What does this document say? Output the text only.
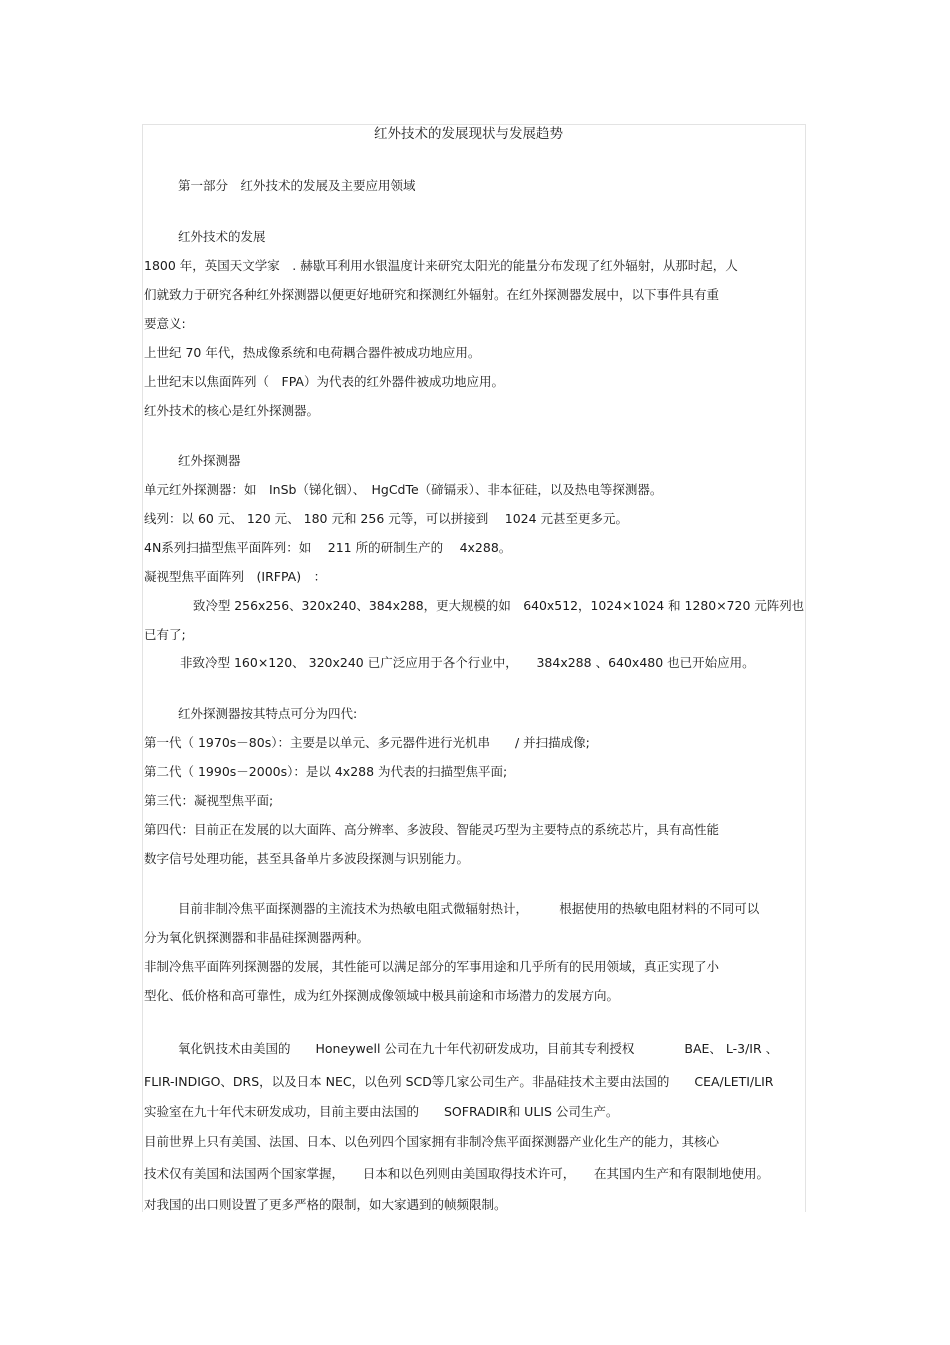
红外技术的发展现状与发展趋势
第一部分　红外技术的发展及主要应用领域
红外技术的发展
1800 年，英国天文学家　. 赫歇耳利用水银温度计来研究太阳光的能量分布发现了红外辐射，从那时起，人
们就致力于研究各种红外探测器以便更好地研究和探测红外辐射。在红外探测器发展中，以下事件具有重
要意义:
上世纪 70 年代，热成像系统和电荷耦合器件被成功地应用。
上世纪末以焦面阵列（　FPA）为代表的红外器件被成功地应用。
红外技术的核心是红外探测器。
红外探测器
单元红外探测器：如　InSb（锑化铟）、　HgCdTe（碲镉汞）、非本征硅，以及热电等探测器。
线列：以 60 元、 120 元、 180 元和 256 元等，可以拼接到　 1024 元甚至更多元。
4N系列扫描型焦平面阵列：如　 211 所的研制生产的　 4x288。
凝视型焦平面阵列　(IRFPA)　：
致冷型 256x256、320x240、384x288，更大规模的如　640x512，1024×1024 和 1280×720 元阵列也
已有了;
非致冷型 160×120、 320x240 已广泛应用于各个行业中，　　384x288 、640x480 也已开始应用。
红外探测器按其特点可分为四代:
第一代（ 1970s－80s）：主要是以单元、多元器件进行光机串　　/ 并扫描成像;
第二代（ 1990s－2000s）：是以 4x288 为代表的扫描型焦平面;
第三代：凝视型焦平面;
第四代：目前正在发展的以大面阵、高分辨率、多波段、智能灵巧型为主要特点的系统芯片，具有高性能
数字信号处理功能，甚至具备单片多波段探测与识别能力。
目前非制冷焦平面探测器的主流技术为热敏电阻式微辐射热计，　　　根据使用的热敏电阻材料的不同可以
分为氧化钒探测器和非晶硅探测器两种。
非制冷焦平面阵列探测器的发展，其性能可以满足部分的军事用途和几乎所有的民用领域，真正实现了小
型化、低价格和高可靠性，成为红外探测成像领域中极具前途和市场潜力的发展方向。
氧化钒技术由美国的　　Honeywell 公司在九十年代初研发成功，目前其专利授权　　　　BAE、 L-3/IR 、
FLIR-INDIGO、DRS，以及日本 NEC，以色列 SCD等几家公司生产。非晶硅技术主要由法国的　　CEA/LETI/LIR
实验室在九十年代末研发成功，目前主要由法国的　　SOFRADIR和 ULIS 公司生产。
目前世界上只有美国、法国、日本、以色列四个国家拥有非制冷焦平面探测器产业化生产的能力，其核心
技术仅有美国和法国两个国家掌握，　　日本和以色列则由美国取得技术许可，　　在其国内生产和有限制地使用。
对我国的出口则设置了更多严格的限制，如大家遇到的帧频限制。
